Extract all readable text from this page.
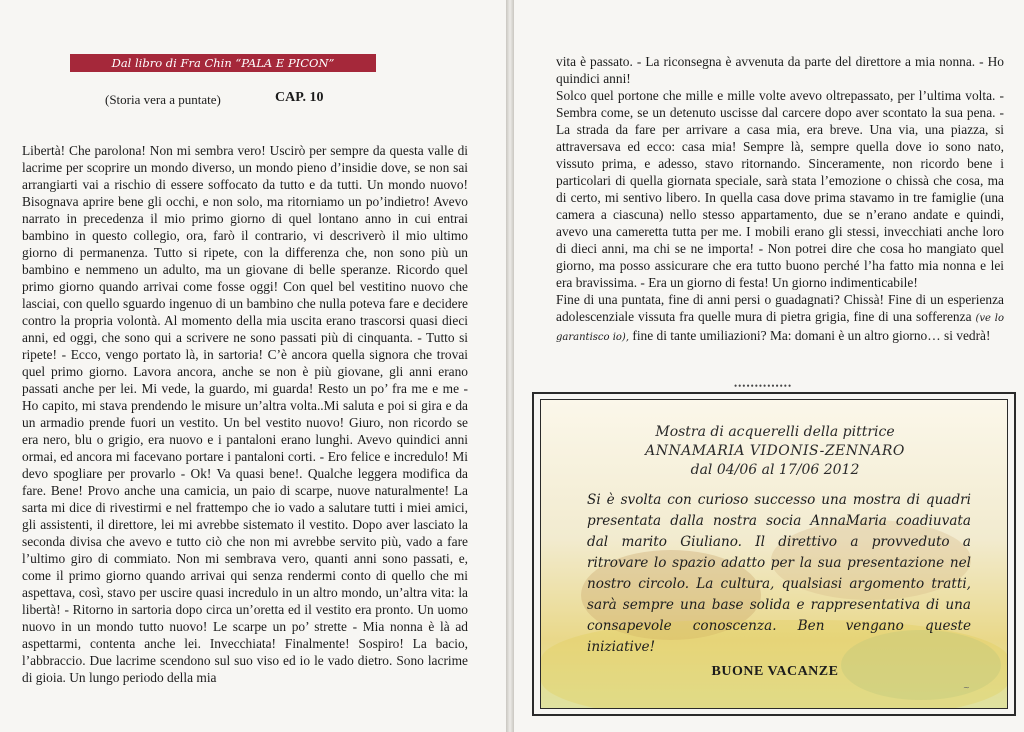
Dal libro di Fra Chin “PALA E PICON”
(Storia vera a puntate)	CAP. 10

Libertà! Che parolona! Non mi sembra vero! Uscirò per sempre da questa valle di lacrime per scoprire un mondo diverso, un mondo pieno d’insidie dove, se non sai arrangiarti vai a rischio di essere soffocato da tutto e da tutti. Un mondo nuovo! Bisognava aprire bene gli occhi, e non solo, ma ritorniamo un po’indietro! Avevo narrato in precedenza il mio primo giorno di quel lontano anno in cui entrai bambino in questo collegio, ora, farò il contrario, vi descriverò il mio ultimo giorno di permanenza. Tutto si ripete, con la differenza che, non sono più un bambino e nemmeno un adulto, ma un giovane di belle speranze. Ricordo quel primo giorno quando arrivai come fosse oggi! Con quel bel vestitino nuovo che lasciai, con quello sguardo ingenuo di un bambino che nulla poteva fare e decidere contro la propria volontà. Al momento della mia uscita erano trascorsi quasi dieci anni, ed oggi, che sono qui a scrivere ne sono passati più di cinquanta. - Tutto si ripete! - Ecco, vengo portato là, in sartoria! C’è ancora quella signora che trovai quel primo giorno. Lavora ancora, anche se non è più giovane, gli anni erano passati anche per lei. Mi vede, la guardo, mi guarda! Resto un po’ fra me e me - Ho capito, mi stava prendendo le misure un’altra volta..Mi saluta e poi si gira e da un armadio prende fuori un vestito. Un bel vestito nuovo! Giuro, non ricordo se era nero, blu o grigio, era nuovo e i pantaloni erano lunghi. Avevo quindici anni ormai, ed ancora mi facevano portare i pantaloni corti. - Ero felice e incredulo! Mi devo spogliare per provarlo - Ok! Va quasi bene!. Qualche leggera modifica da fare. Bene! Provo anche una camicia, un paio di scarpe, nuove naturalmente! La sarta mi dice di rivestirmi e nel frattempo che io vado a salutare tutti i miei amici, gli assistenti, il direttore, lei mi avrebbe sistemato il vestito. Dopo aver lasciato la seconda divisa che avevo e tutto ciò che non mi avrebbe servito più, vado a fare l’ultimo giro di commiato. Non mi sembrava vero, quanti anni sono passati, e, come il primo giorno quando arrivai qui senza rendermi conto di quello che mi aspettava, così, stavo per uscire quasi incredulo in un altro mondo, un’altra vita: la libertà! - Ritorno in sartoria dopo circa un’oretta ed il vestito era pronto. Un uomo nuovo in un mondo tutto nuovo! Le scarpe un po’ strette - Mia nonna è là ad aspettarmi, contenta anche lei. Invecchiata! Finalmente! Sospiro! La bacio, l’abbraccio. Due lacrime scendono sul suo viso ed io le vado dietro. Sono lacrime di gioia. Un lungo periodo della mia

vita è passato. - La riconsegna è avvenuta da parte del direttore a mia nonna. - Ho quindici anni!

Solco quel portone che mille e mille volte avevo oltrepassato, per l’ultima volta. - Sembra come, se un detenuto uscisse dal carcere dopo aver scontato la sua pena. - La strada da fare per arrivare a casa mia, era breve. Una via, una piazza, si attraversava ed ecco: casa mia! Sempre là, sempre quella dove io sono nato, vissuto prima, e adesso, stavo ritornando. Sinceramente, non ricordo bene i particolari di quella giornata speciale, sarà stata l’emozione o chissà che cosa, ma di certo, mi sentivo libero. In quella casa dove prima stavamo in tre famiglie (una camera a ciascuna) nello stesso appartamento, due se n’erano andate e quindi, avevo una cameretta tutta per me. I mobili erano gli stessi, invecchiati anche loro di dieci anni, ma chi se ne importa! - Non potrei dire che cosa ho mangiato quel giorno, ma posso assicurare che era tutto buono perché l’ha fatto mia nonna e lei era bravissima. - Era un giorno di festa! Un giorno indimenticabile!

Fine di una puntata, fine di anni persi o guadagnati? Chissà! Fine di un esperienza adolescenziale vissuta fra quelle mura di pietra grigia, fine di una sofferenza (ve lo garantisco io), fine di tante umiliazioni? Ma: domani è un altro giorno… si vedrà!

••••••••••••••
Mostra di acquerelli della pittrice
ANNAMARIA VIDONIS-ZENNARO
dal 04/06 al 17/06 2012
Si è svolta con curioso successo una mostra di quadri presentata dalla nostra socia AnnaMaria coadiuvata dal marito Giuliano. Il direttivo a provveduto a ritrovare lo spazio adatto per la sua presentazione nel nostro circolo. La cultura, qualsiasi argomento tratti, sarà sempre una base solida e rappresentativa di una consapevole conoscenza. Ben vengano queste iniziative!
BUONE VACANZE
~
